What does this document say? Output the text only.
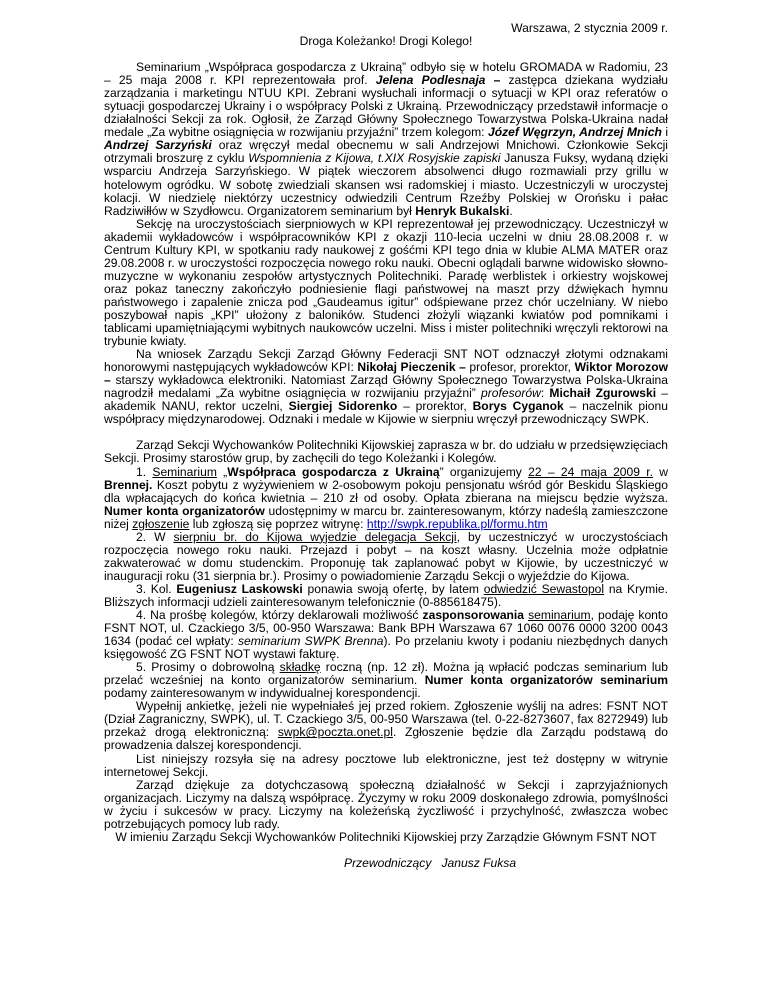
Warszawa, 2 stycznia 2009 r.

Droga Koleżanko! Drogi Kolego!

Seminarium „Współpraca gospodarcza z Ukrainą” odbyło się w hotelu GROMADA w Radomiu, 23 – 25 maja 2008 r. KPI reprezentowała prof. Jelena Podlesnaja – zastępca dziekana wydziału zarządzania i marketingu NTUU KPI. Zebrani wysłuchali informacji o sytuacji w KPI oraz referatów o sytuacji gospodarczej Ukrainy i o współpracy Polski z Ukrainą. Przewodniczący przedstawił informacje o działalności Sekcji za rok. Ogłosił, że Zarząd Główny Społecznego Towarzystwa Polska-Ukraina nadał medale „Za wybitne osiągnięcia w rozwijaniu przyjaźni” trzem kolegom: Józef Węgrzyn, Andrzej Mnich i Andrzej Sarzyński oraz wręczył medal obecnemu w sali Andrzejowi Mnichowi. Członkowie Sekcji otrzymali broszurę z cyklu Wspomnienia z Kijowa, t.XIX Rosyjskie zapiski Janusza Fuksy, wydaną dzięki wsparciu Andrzeja Sarzyńskiego. W piątek wieczorem absolwenci długo rozmawiali przy grillu w hotelowym ogródku. W sobotę zwiedziali skansen wsi radomskiej i miasto. Uczestniczyli w uroczystej kolacji. W niedzielę niektórzy uczestnicy odwiedzili Centrum Rzeźby Polskiej w Orońsku i pałac Radziwiłłów w Szydłowcu. Organizatorem seminarium był Henryk Bukalski.

Sekcję na uroczystościach sierpniowych w KPI reprezentował jej przewodniczący. Uczestniczył w akademii wykładowców i współpracowników KPI z okazji 110-lecia uczelni w dniu 28.08.2008 r. w Centrum Kultury KPI, w spotkaniu rady naukowej z gośćmi KPI tego dnia w klubie ALMA MATER oraz 29.08.2008 r. w uroczystości rozpoczęcia nowego roku nauki. Obecni oglądali barwne widowisko słowno-muzyczne w wykonaniu zespołów artystycznych Politechniki. Paradę werblistek i orkiestry wojskowej oraz pokaz taneczny zakończyło podniesienie flagi państwowej na maszt przy dźwiękach hymnu państwowego i zapalenie znicza pod „Gaudeamus igitur” odśpiewane przez chór uczelniany. W niebo poszybował napis „KPI” ułożony z baloników. Studenci złożyli wiązanki kwiatów pod pomnikami i tablicami upamiętniającymi wybitnych naukowców uczelni. Miss i mister politechniki wręczyli rektorowi na trybunie kwiaty.

Na wniosek Zarządu Sekcji Zarząd Główny Federacji SNT NOT odznaczył złotymi odznakami honorowymi następujących wykładowców KPI: Nikołaj Pieczenik – profesor, prorektor, Wiktor Morozow – starszy wykładowca elektroniki. Natomiast Zarząd Główny Społecznego Towarzystwa Polska-Ukraina nagrodził medalami „Za wybitne osiągnięcia w rozwijaniu przyjaźni” profesorów: Michaił Zgurowski – akademik NANU, rektor uczelni, Siergiej Sidorenko – prorektor, Borys Cyganok – naczelnik pionu współpracy międzynarodowej. Odznaki i medale w Kijowie w sierpniu wręczył przewodniczący SWPK.

Zarząd Sekcji Wychowanków Politechniki Kijowskiej zaprasza w br. do udziału w przedsięwzięciach Sekcji. Prosimy starostów grup, by zachęcili do tego Koleżanki i Kolegów.

1. Seminarium „Współpraca gospodarcza z Ukrainą” organizujemy 22 – 24 maja 2009 r. w Brennej. Koszt pobytu z wyżywieniem w 2-osobowym pokoju pensjonatu wśród gór Beskidu Śląskiego dla wpłacających do końca kwietnia – 210 zł od osoby. Opłata zbierana na miejscu będzie wyższa. Numer konta organizatorów udostępnimy w marcu br. zainteresowanym, którzy nadeślą zamieszczone niżej zgłoszenie lub zgłoszą się poprzez witrynę: http://swpk.republika.pl/formu.htm

2. W sierpniu br. do Kijowa wyjedzie delegacja Sekcji, by uczestniczyć w uroczystościach rozpoczęcia nowego roku nauki. Przejazd i pobyt – na koszt własny. Uczelnia może odpłatnie zakwaterować w domu studenckim. Proponuję tak zaplanować pobyt w Kijowie, by uczestniczyć w inauguracji roku (31 sierpnia br.). Prosimy o powiadomienie Zarządu Sekcji o wyjeździe do Kijowa.

3. Kol. Eugeniusz Laskowski ponawia swoją ofertę, by latem odwiedzić Sewastopol na Krymie. Bliższych informacji udzieli zainteresowanym telefonicznie (0-885618475).

4. Na prośbę kolegów, którzy deklarowali możliwość zasponsorowania seminarium, podaję konto FSNT NOT, ul. Czackiego 3/5, 00-950 Warszawa: Bank BPH Warszawa 67 1060 0076 0000 3200 0043 1634 (podać cel wpłaty: seminarium SWPK Brenna). Po przelaniu kwoty i podaniu niezbędnych danych księgowość ZG FSNT NOT wystawi fakturę.

5. Prosimy o dobrowolną składkę roczną (np. 12 zł). Można ją wpłacić podczas seminarium lub przelać wcześniej na konto organizatorów seminarium. Numer konta organizatorów seminarium podamy zainteresowanym w indywidualnej korespondencji.

Wypełnij ankietkę, jeżeli nie wypełniałeś jej przed rokiem. Zgłoszenie wyślij na adres: FSNT NOT (Dział Zagraniczny, SWPK), ul. T. Czackiego 3/5, 00-950 Warszawa (tel. 0-22-8273607, fax 8272949) lub przekaż drogą elektroniczną: swpk@poczta.onet.pl. Zgłoszenie będzie dla Zarządu podstawą do prowadzenia dalszej korespondencji.

List niniejszy rozsyła się na adresy pocztowe lub elektroniczne, jest też dostępny w witrynie internetowej Sekcji.

Zarząd dziękuje za dotychczasową społeczną działalność w Sekcji i zaprzyjaźnionych organizacjach. Liczymy na dalszą współpracę. Życzymy w roku 2009 doskonałego zdrowia, pomyślności w życiu i sukcesów w pracy. Liczymy na koleżeńską życzliwość i przychylność, zwłaszcza wobec potrzebujących pomocy lub rady.

W imieniu Zarządu Sekcji Wychowanków Politechniki Kijowskiej przy Zarządzie Głównym FSNT NOT

Przewodniczący   Janusz Fuksa
